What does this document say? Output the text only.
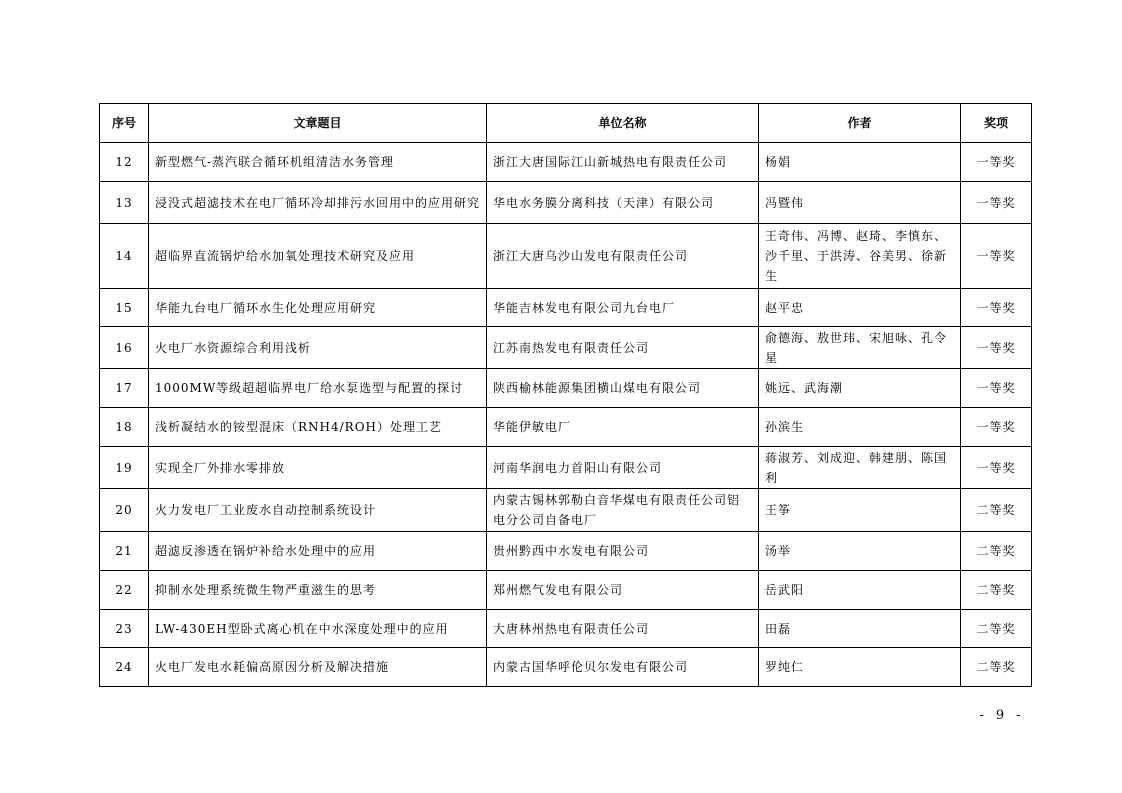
序号	文章题目	单位名称	作者	奖项
12	新型燃气-蒸汽联合循环机组清洁水务管理	浙江大唐国际江山新城热电有限责任公司	杨娟	一等奖
13	浸没式超滤技术在电厂循环冷却排污水回用中的应用研究	华电水务膜分离科技（天津）有限公司	冯暨伟	一等奖
14	超临界直流锅炉给水加氧处理技术研究及应用	浙江大唐乌沙山发电有限责任公司	王奇伟、冯博、赵琦、李慎东、沙千里、于洪涛、谷美男、徐新生	一等奖
15	华能九台电厂循环水生化处理应用研究	华能吉林发电有限公司九台电厂	赵平忠	一等奖
16	火电厂水资源综合利用浅析	江苏南热发电有限责任公司	俞德海、敖世玮、宋旭咏、孔令星	一等奖
17	1000MW等级超超临界电厂给水泵选型与配置的探讨	陕西榆林能源集团横山煤电有限公司	姚远、武海潮	一等奖
18	浅析凝结水的铵型混床（RNH4/ROH）处理工艺	华能伊敏电厂	孙滨生	一等奖
19	实现全厂外排水零排放	河南华润电力首阳山有限公司	蒋淑芳、刘成迎、韩建朋、陈国利	一等奖
20	火力发电厂工业废水自动控制系统设计	内蒙古锡林郭勒白音华煤电有限责任公司铝电分公司自备电厂	王筝	二等奖
21	超滤反渗透在锅炉补给水处理中的应用	贵州黔西中水发电有限公司	汤举	二等奖
22	抑制水处理系统微生物严重滋生的思考	郑州燃气发电有限公司	岳武阳	二等奖
23	LW-430EH型卧式离心机在中水深度处理中的应用	大唐林州热电有限责任公司	田磊	二等奖
24	火电厂发电水耗偏高原因分析及解决措施	内蒙古国华呼伦贝尔发电有限公司	罗纯仁	二等奖
- 9 -
